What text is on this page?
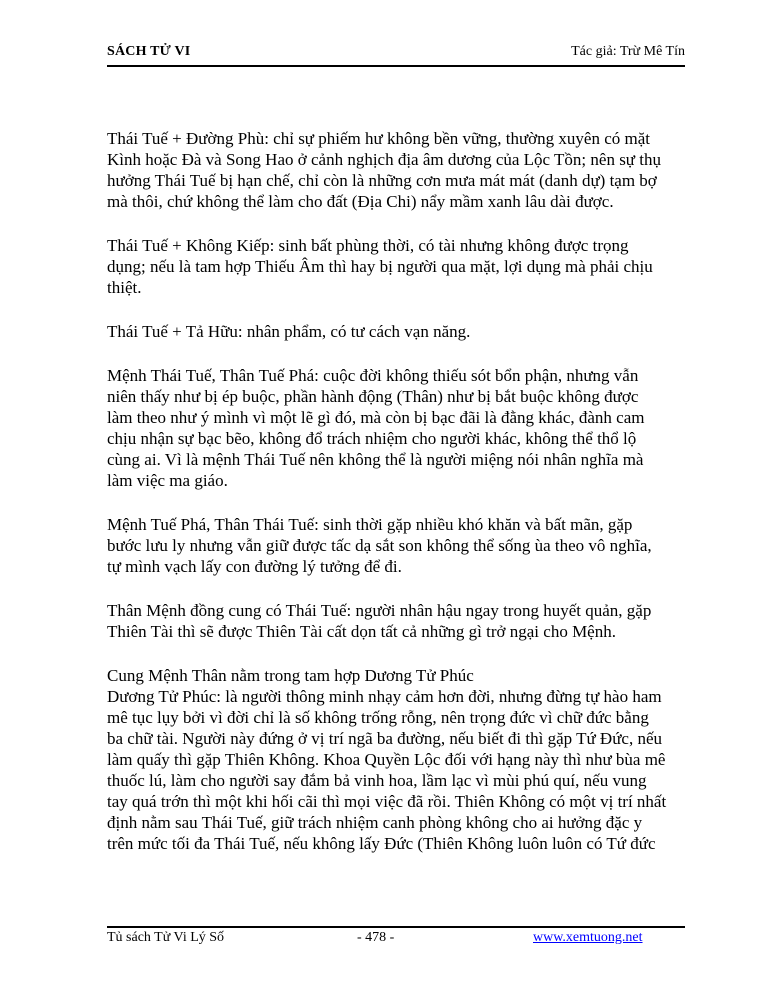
SÁCH TỬ VI	Tác giả: Trừ Mê Tín

Thái Tuế + Đường Phù: chỉ sự phiếm hư không bền vững, thường xuyên có mặt
Kình hoặc Đà và Song Hao ở cảnh nghịch địa âm dương của Lộc Tồn; nên sự thụ
hưởng Thái Tuế bị hạn chế, chỉ còn là những cơn mưa mát mát (danh dự) tạm bợ
mà thôi, chứ không thể làm cho đất (Địa Chi) nẩy mầm xanh lâu dài được.

Thái Tuế + Không Kiếp: sinh bất phùng thời, có tài nhưng không được trọng
dụng; nếu là tam hợp Thiếu Âm thì hay bị người qua mặt, lợi dụng mà phải chịu
thiệt.

Thái Tuế + Tả Hữu: nhân phẩm, có tư cách vạn năng.

Mệnh Thái Tuế, Thân Tuế Phá: cuộc đời không thiếu sót bổn phận, nhưng vẫn
niên thấy như bị ép buộc, phần hành động (Thân) như bị bắt buộc không được
làm theo như ý mình vì một lẽ gì đó, mà còn bị bạc đãi là đằng khác, đành cam
chịu nhận sự bạc bẽo, không đổ trách nhiệm cho người khác, không thể thổ lộ
cùng ai. Vì là mệnh Thái Tuế nên không thể là người miệng nói nhân nghĩa mà
làm việc ma giáo.

Mệnh Tuế Phá, Thân Thái Tuế: sinh thời gặp nhiều khó khăn và bất mãn, gặp
bước lưu ly nhưng vẫn giữ được tấc dạ sắt son không thể sống ùa theo vô nghĩa,
tự mình vạch lấy con đường lý tưởng để đi.

Thân Mệnh đồng cung có Thái Tuế: người nhân hậu ngay trong huyết quản, gặp
Thiên Tài thì sẽ được Thiên Tài cất dọn tất cả những gì trở ngại cho Mệnh.

Cung Mệnh Thân nằm trong tam hợp Dương Tử Phúc

Dương Tử Phúc: là người thông minh nhạy cảm hơn đời, nhưng đừng tự hào ham
mê tục lụy bởi vì đời chỉ là số không trống rỗng, nên trọng đức vì chữ đức bằng
ba chữ tài. Người này đứng ở vị trí ngã ba đường, nếu biết đi thì gặp Tứ Đức, nếu
làm quấy thì gặp Thiên Không. Khoa Quyền Lộc đối với hạng này thì như bùa mê
thuốc lú, làm cho người say đắm bả vinh hoa, lầm lạc vì mùi phú quí, nếu vung
tay quá trớn thì một khi hối cãi thì mọi việc đã rồi. Thiên Không có một vị trí nhất
định nằm sau Thái Tuế, giữ trách nhiệm canh phòng không cho ai hưởng đặc y
trên mức tối đa Thái Tuế, nếu không lấy Đức (Thiên Không luôn luôn có Tứ đức

Tủ sách Tử Vi Lý Số	- 478 -	www.xemtuong.net
